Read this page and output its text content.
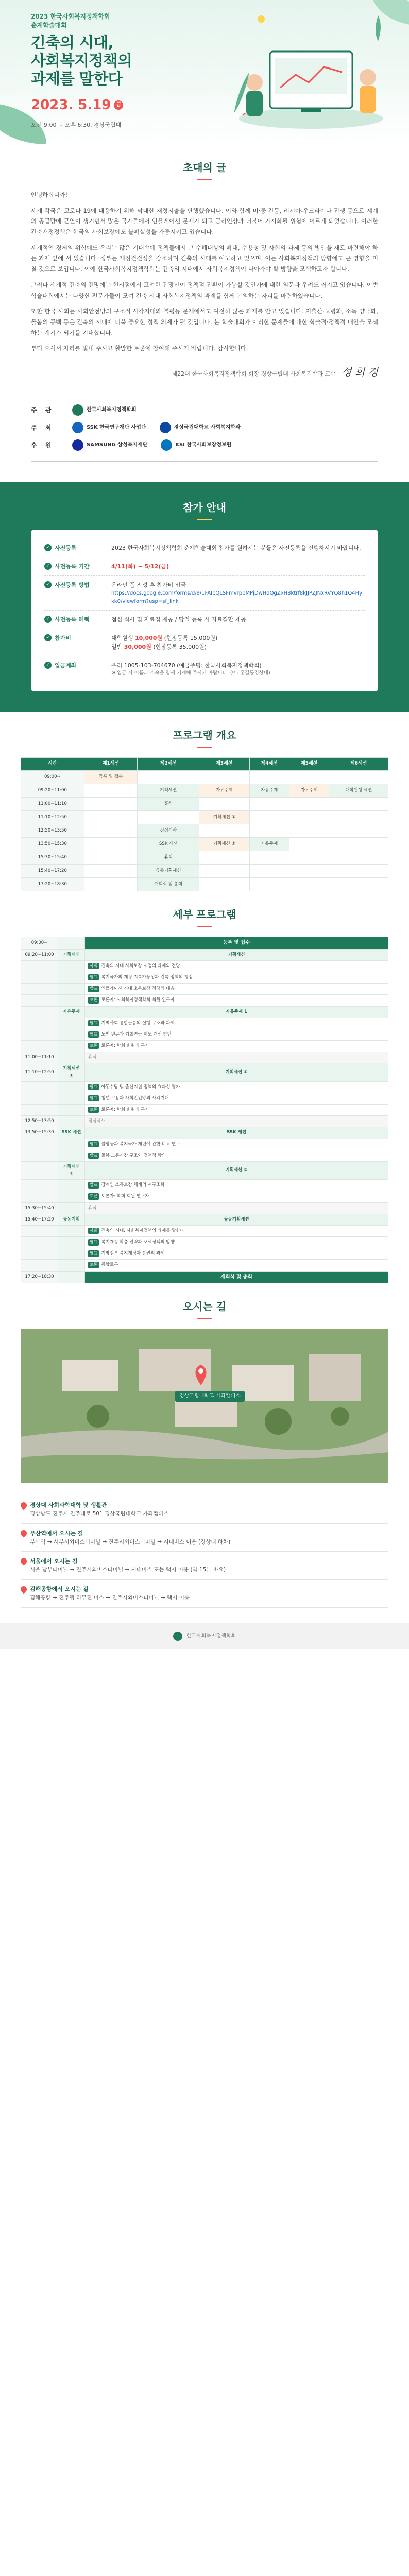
2023 한국사회복지정책학회
춘계학술대회
긴축의 시대,
사회복지정책의
과제를 말한다
2023. 5.19	금
오전 9:00 ~ 오후 6:30, 경상국립대
초대의 글

안녕하십니까!

세계 각국은 코로나 19에 대응하기 위해 막대한 재정지출을 단행했습니다. 이와 함께 미·중 간등, 러시아-우크라이나 전쟁 등으로 세계의 공급망에 균열이 생기면서 많은 국가들에서 인플레이션 문제가 되고 금리인상과 더불어 가시화될 위험에 이르게 되었습니다. 이러한 긴축재정정책은 한국의 사회보장에도 불확실성을 가중시키고 있습니다.

세계적인 경제의 위험에도 우리는 많은 기대속에 정책들에서 그 수혜대상의 확대, 수용성 및 사회의 과제 등의 방안을 새로 마련해야 하는 과제 앞에 서 있습니다. 정부는 재정건전성을 강조하며 긴축의 시대를 예고하고 있으며, 이는 사회복지정책의 방향에도 큰 영향을 미칠 것으로 보입니다. 이에 한국사회복지정책학회는 긴축의 시대에서 사회복지정책이 나아가야 할 방향을 모색하고자 합니다.

그러나 세계적 긴축의 전망에는 현시점에서 고려한 전망만이 정책적 전환이 가능할 것인가에 대한 의문과 우려도 커지고 있습니다. 이번 학술대회에서는 다양한 전문가들이 모여 긴축 시대 사회복지정책의 과제를 함께 논의하는 자리를 마련하였습니다.

또한 한국 사회는 사회안전망의 구조적 사각지대와 불평등 문제에서도 여전히 많은 과제를 안고 있습니다. 저출산·고령화, 소득 양극화, 돌봄의 공백 등은 긴축의 시대에 더욱 중요한 정책 의제가 될 것입니다. 본 학술대회가 이러한 문제들에 대한 학술적·정책적 대안을 모색하는 계기가 되기를 기대합니다.

부디 오셔서 자리를 빛내 주시고 활발한 토론에 참여해 주시기 바랍니다. 감사합니다.

제22대 한국사회복지정책학회 회장 경상국립대 사회복지학과 교수 성 희 경
주 관	한국사회복지정책학회
주 최	SSK 한국연구재단 사업단	경상국립대학교 사회복지학과
후 원	SAMSUNG 삼성복지재단	KSI 한국사회보장정보원
참가 안내
✓ 사전등록	2023 한국사회복지정책학회 춘계학술대회 참가를 원하시는 분들은 사전등록을 진행하시기 바랍니다.
✓ 사전등록 기간	4/11(화) ~ 5/12(금)
✓ 사전등록 방법	온라인 폼 작성 후 참가비 입금
https://docs.google.com/forms/d/e/1FAIpQLSFmvrpbMPjDwHdQgZxH8ktrf8kJJPZJNxRVYQ8h1Q4Hykk0/viewform?usp=sf_link
✓ 사전등록 혜택	점심 식사 및 자료집 제공 / 당일 등록 시 자료집만 제공
✓ 참가비	대학원생 10,000원 (현장등록 15,000원)
일반 30,000원 (현장등록 35,000원)
✓ 입금계좌	우리 1005-103-704670 (예금주명: 한국사회복지정책학회)
※ 입금 시 이름과 소속을 함께 기재해 주시기 바랍니다. (예: 홍길동경상대)
프로그램 개요
시간	제1세션	제2세션	제3세션	제4세션	제5세션	제6세션
09:00~	등록 및 접수					
09:20~11:00		기획세션	자유주제	자유주제	자유주제	대학원생 세션
11:00~11:10		휴식				
11:10~12:50			기획세션 ①			
12:50~13:50		점심식사				
13:50~15:30		SSK 세션	기획세션 ②	자유주제		
15:30~15:40		휴식				
15:40~17:20		공동기획세션				
17:20~18:30		개회식 및 총회				
세부 프로그램
09:00~		등록 및 접수
09:20~11:00	기획세션	기획세션
		사회 긴축의 시대 사회보장 재정의 과제와 전망
		발표 복지국가의 재정 지속가능성과 긴축 정책의 쟁점
		발표 인플레이션 시대 소득보장 정책의 대응
		토론 토론자: 사회복지정책학회 회원 연구자
	자유주제	자유주제 1
		발표 지역사회 통합돌봄의 실행 구조와 과제
		발표 노인 빈곤과 기초연금 제도 개선 방안
		토론 토론자: 학회 회원 연구자
11:00~11:10		휴식
11:10~12:50	기획세션 ①	기획세션 ①
		발표 아동수당 및 출산지원 정책의 효과성 평가
		발표 청년 고용과 사회안전망의 사각지대
		토론 토론자: 학회 회원 연구자
12:50~13:50		점심식사
13:50~15:30	SSK 세션	SSK 세션
		발표 불평등과 복지국가 재편에 관한 비교 연구
		발표 돌봄 노동시장 구조와 정책적 함의
	기획세션 ②	기획세션 ②
		발표 장애인 소득보장 체계의 재구조화
		토론 토론자: 학회 회원 연구자
15:30~15:40		휴식
15:40~17:20	공동기획	공동기획세션
		사회 긴축의 시대, 사회복지정책의 과제를 말한다
		발표 복지재정 확충 전략과 조세정책의 방향
		발표 지방정부 복지재정과 분권의 과제
		토론 종합토론
17:20~18:30		개회식 및 총회
오시는 길
경상국립대학교 가좌캠퍼스
경상대 사회과학대학 및 생활관
경상남도 진주시 진주대로 501 경상국립대학교 가좌캠퍼스
부산역에서 오시는 길
부산역 → 서부시외버스터미널 → 진주시외버스터미널 → 시내버스 이용 (경상대 하차)
서울에서 오시는 길
서울 남부터미널 → 진주시외버스터미널 → 시내버스 또는 택시 이용 (약 15분 소요)
김해공항에서 오시는 길
김해공항 → 진주행 리무진 버스 → 진주시외버스터미널 → 택시 이용
한국사회복지정책학회
